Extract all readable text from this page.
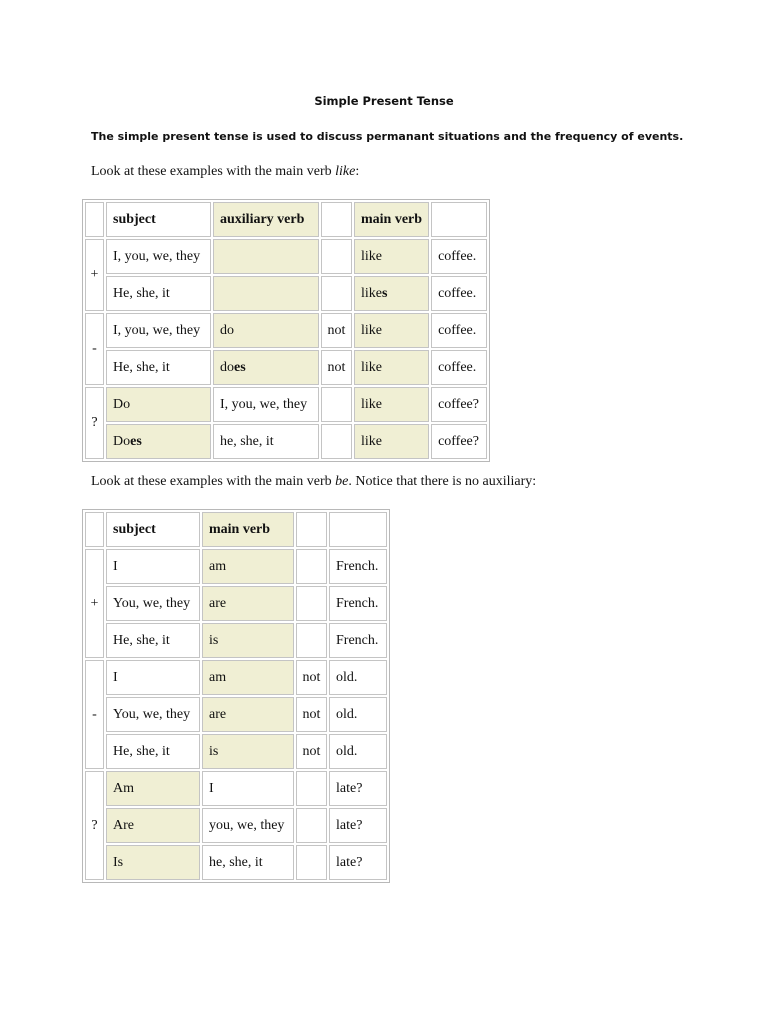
Simple Present Tense
The simple present tense is used to discuss permanant situations and the frequency of events.
Look at these examples with the main verb like:
	subject	auxiliary verb		main verb	
+	I, you, we, they			like	coffee.
	He, she, it			likes	coffee.
-	I, you, we, they	do	not	like	coffee.
	He, she, it	does	not	like	coffee.
?	Do	I, you, we, they		like	coffee?
	Does	he, she, it		like	coffee?
Look at these examples with the main verb be. Notice that there is no auxiliary:
	subject	main verb		
+	I	am		French.
	You, we, they	are		French.
	He, she, it	is		French.
-	I	am	not	old.
	You, we, they	are	not	old.
	He, she, it	is	not	old.
?	Am	I		late?
	Are	you, we, they		late?
	Is	he, she, it		late?
